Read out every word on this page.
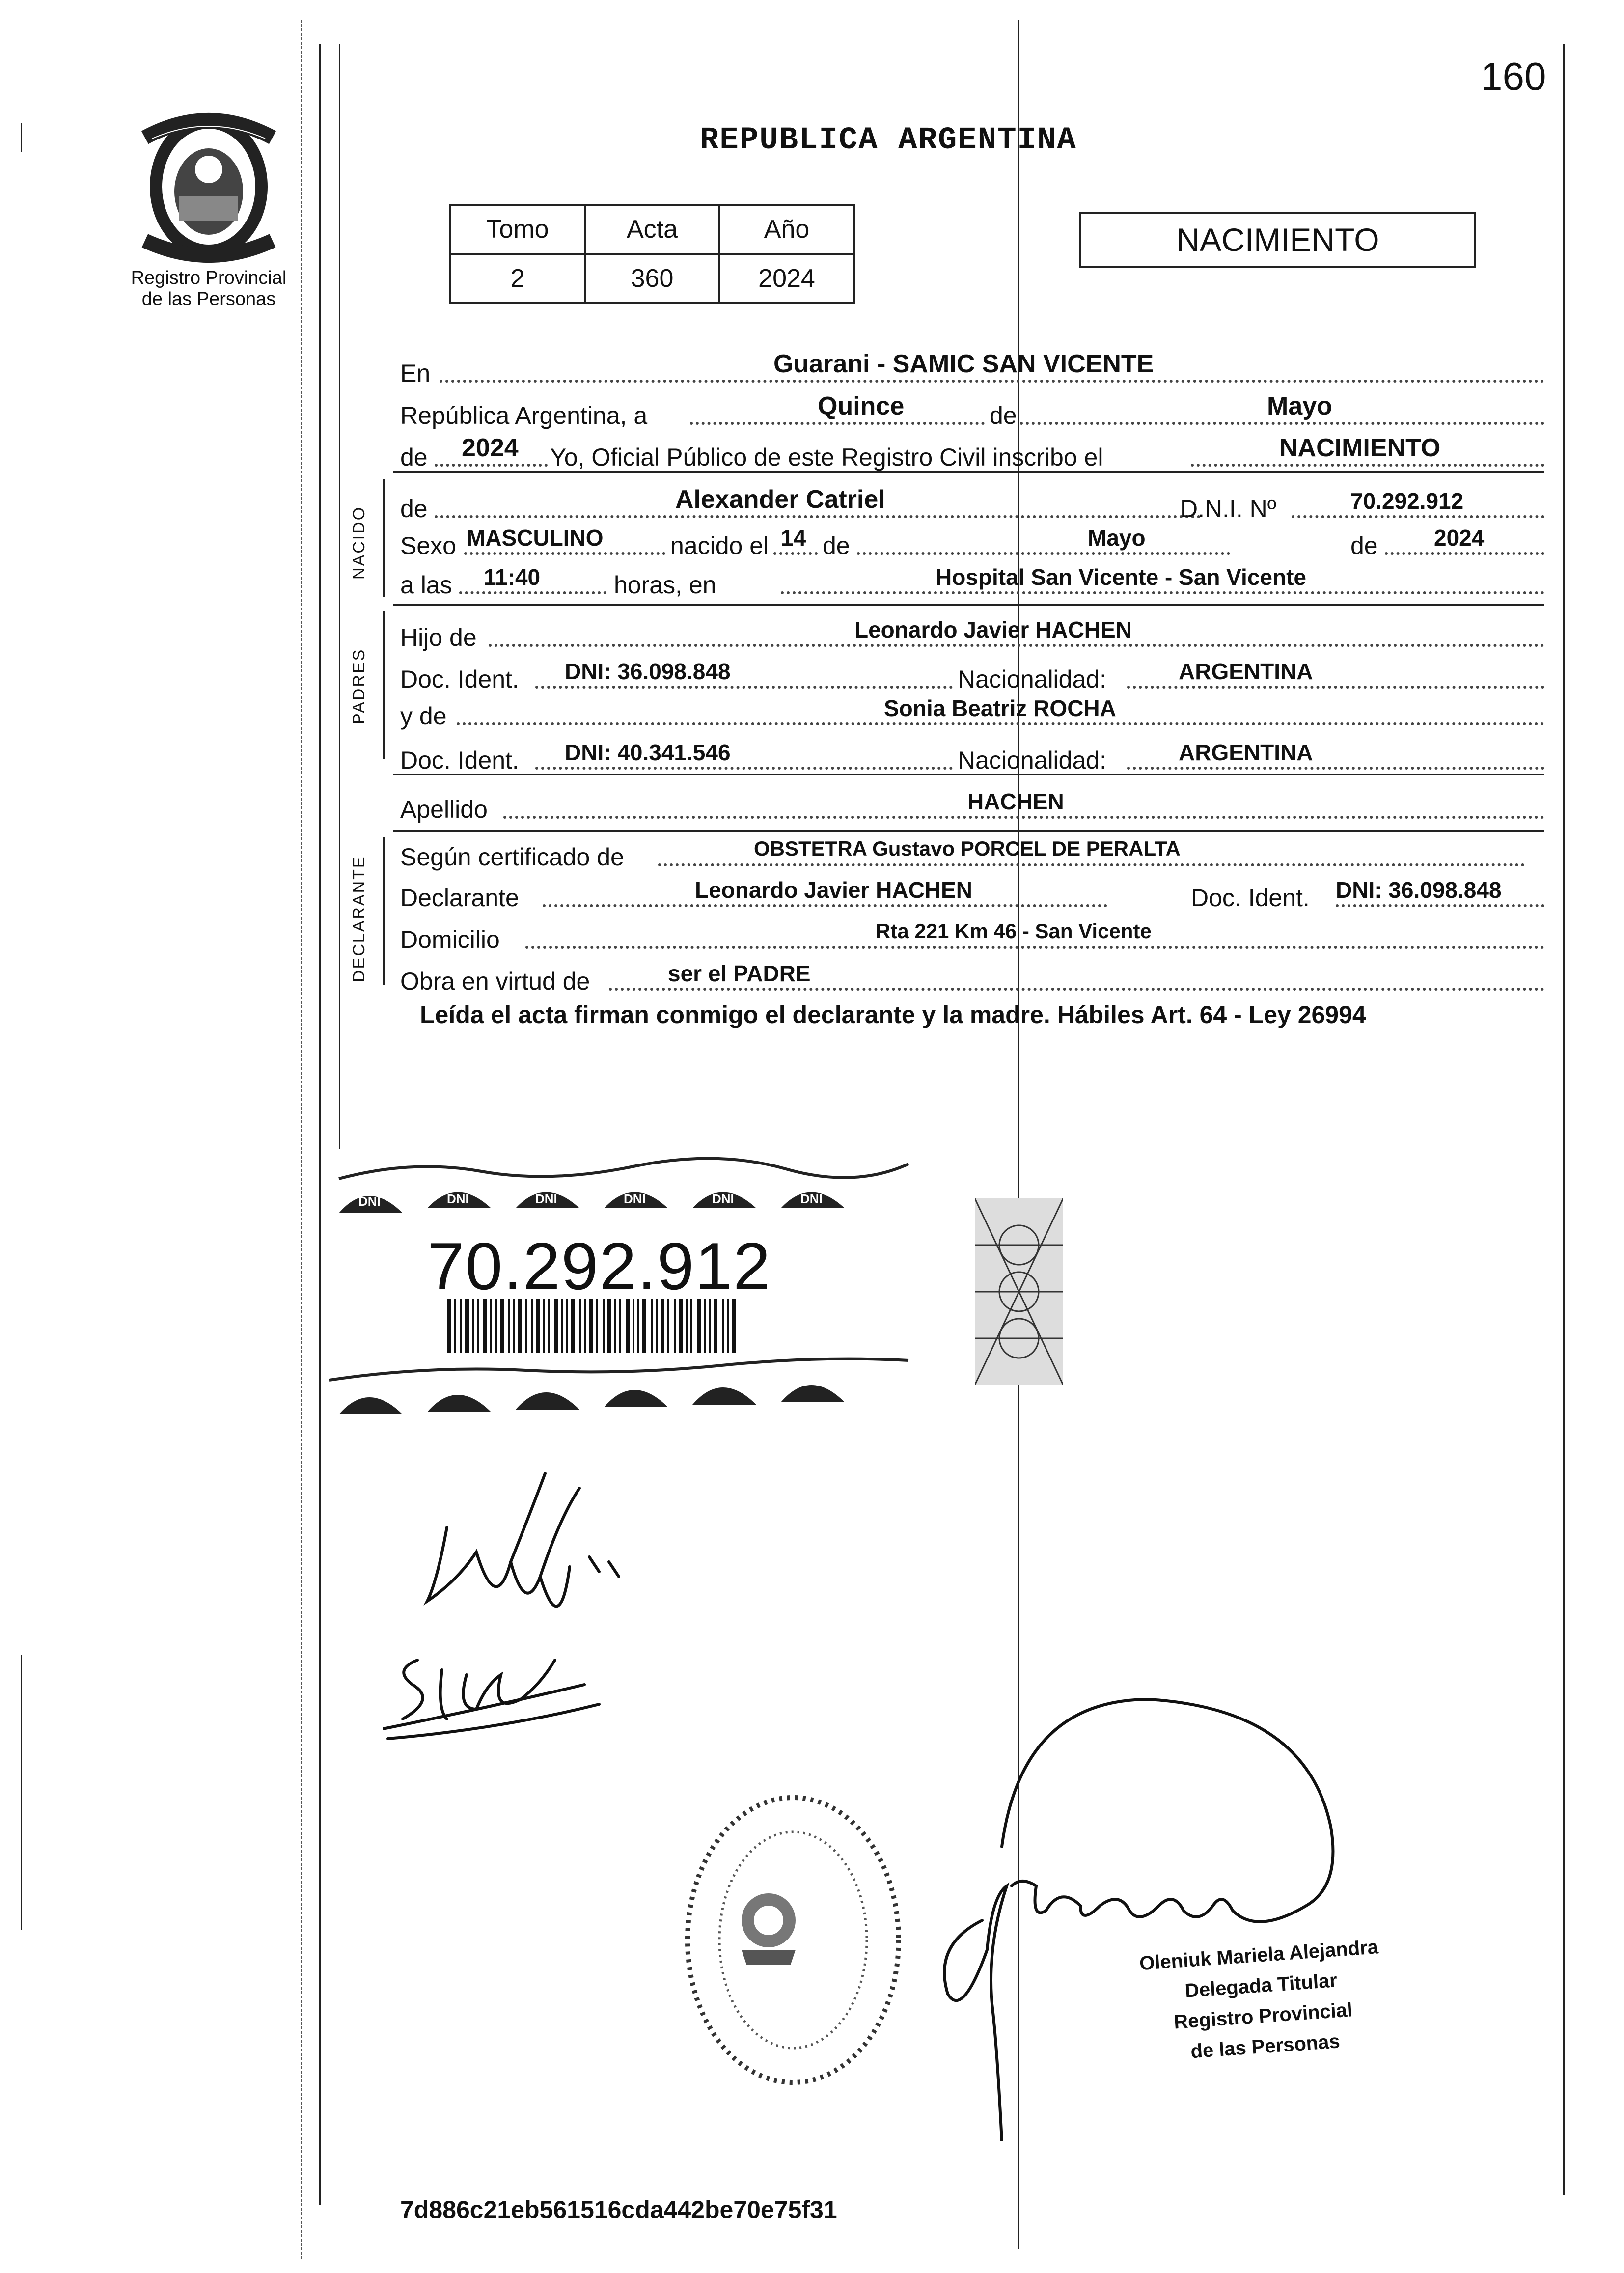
160
Registro Provincial
de las Personas
REPUBLICA ARGENTINA
Tomo	Acta	Año
2	360	2024
NACIMIENTO
En	Guarani - SAMIC SAN VICENTE
República Argentina, a	Quince	de	Mayo
de 2024 Yo, Oficial Público de este Registro Civil inscribo el	NACIMIENTO
NACIDO de	Alexander Catriel	D.N.I. Nº	70.292.912
Sexo MASCULINO	nacido el 14 de	Mayo	de 2024
a las 11:40	horas, en	Hospital San Vicente - San Vicente
PADRES
Hijo de	Leonardo Javier HACHEN
Doc. Ident. DNI: 36.098.848	Nacionalidad:	ARGENTINA
y de	Sonia Beatriz ROCHA
Doc. Ident. DNI: 40.341.546	Nacionalidad:	ARGENTINA
Apellido	HACHEN
DECLARANTE Según certificado de	OBSTETRA Gustavo PORCEL DE PERALTA
Declarante	Leonardo Javier HACHEN	Doc. Ident. DNI: 36.098.848
Domicilio	Rta 221 Km 46 - San Vicente
Obra en virtud de	ser el PADRE
Leída el acta firman conmigo el declarante y la madre. Hábiles Art. 64 - Ley 26994
DNI	DNI	DNI	DNI	DNI	DNI
70.292.912
Oleniuk Mariela Alejandra
Delegada Titular
Registro Provincial
de las Personas
7d886c21eb561516cda442be70e75f31
